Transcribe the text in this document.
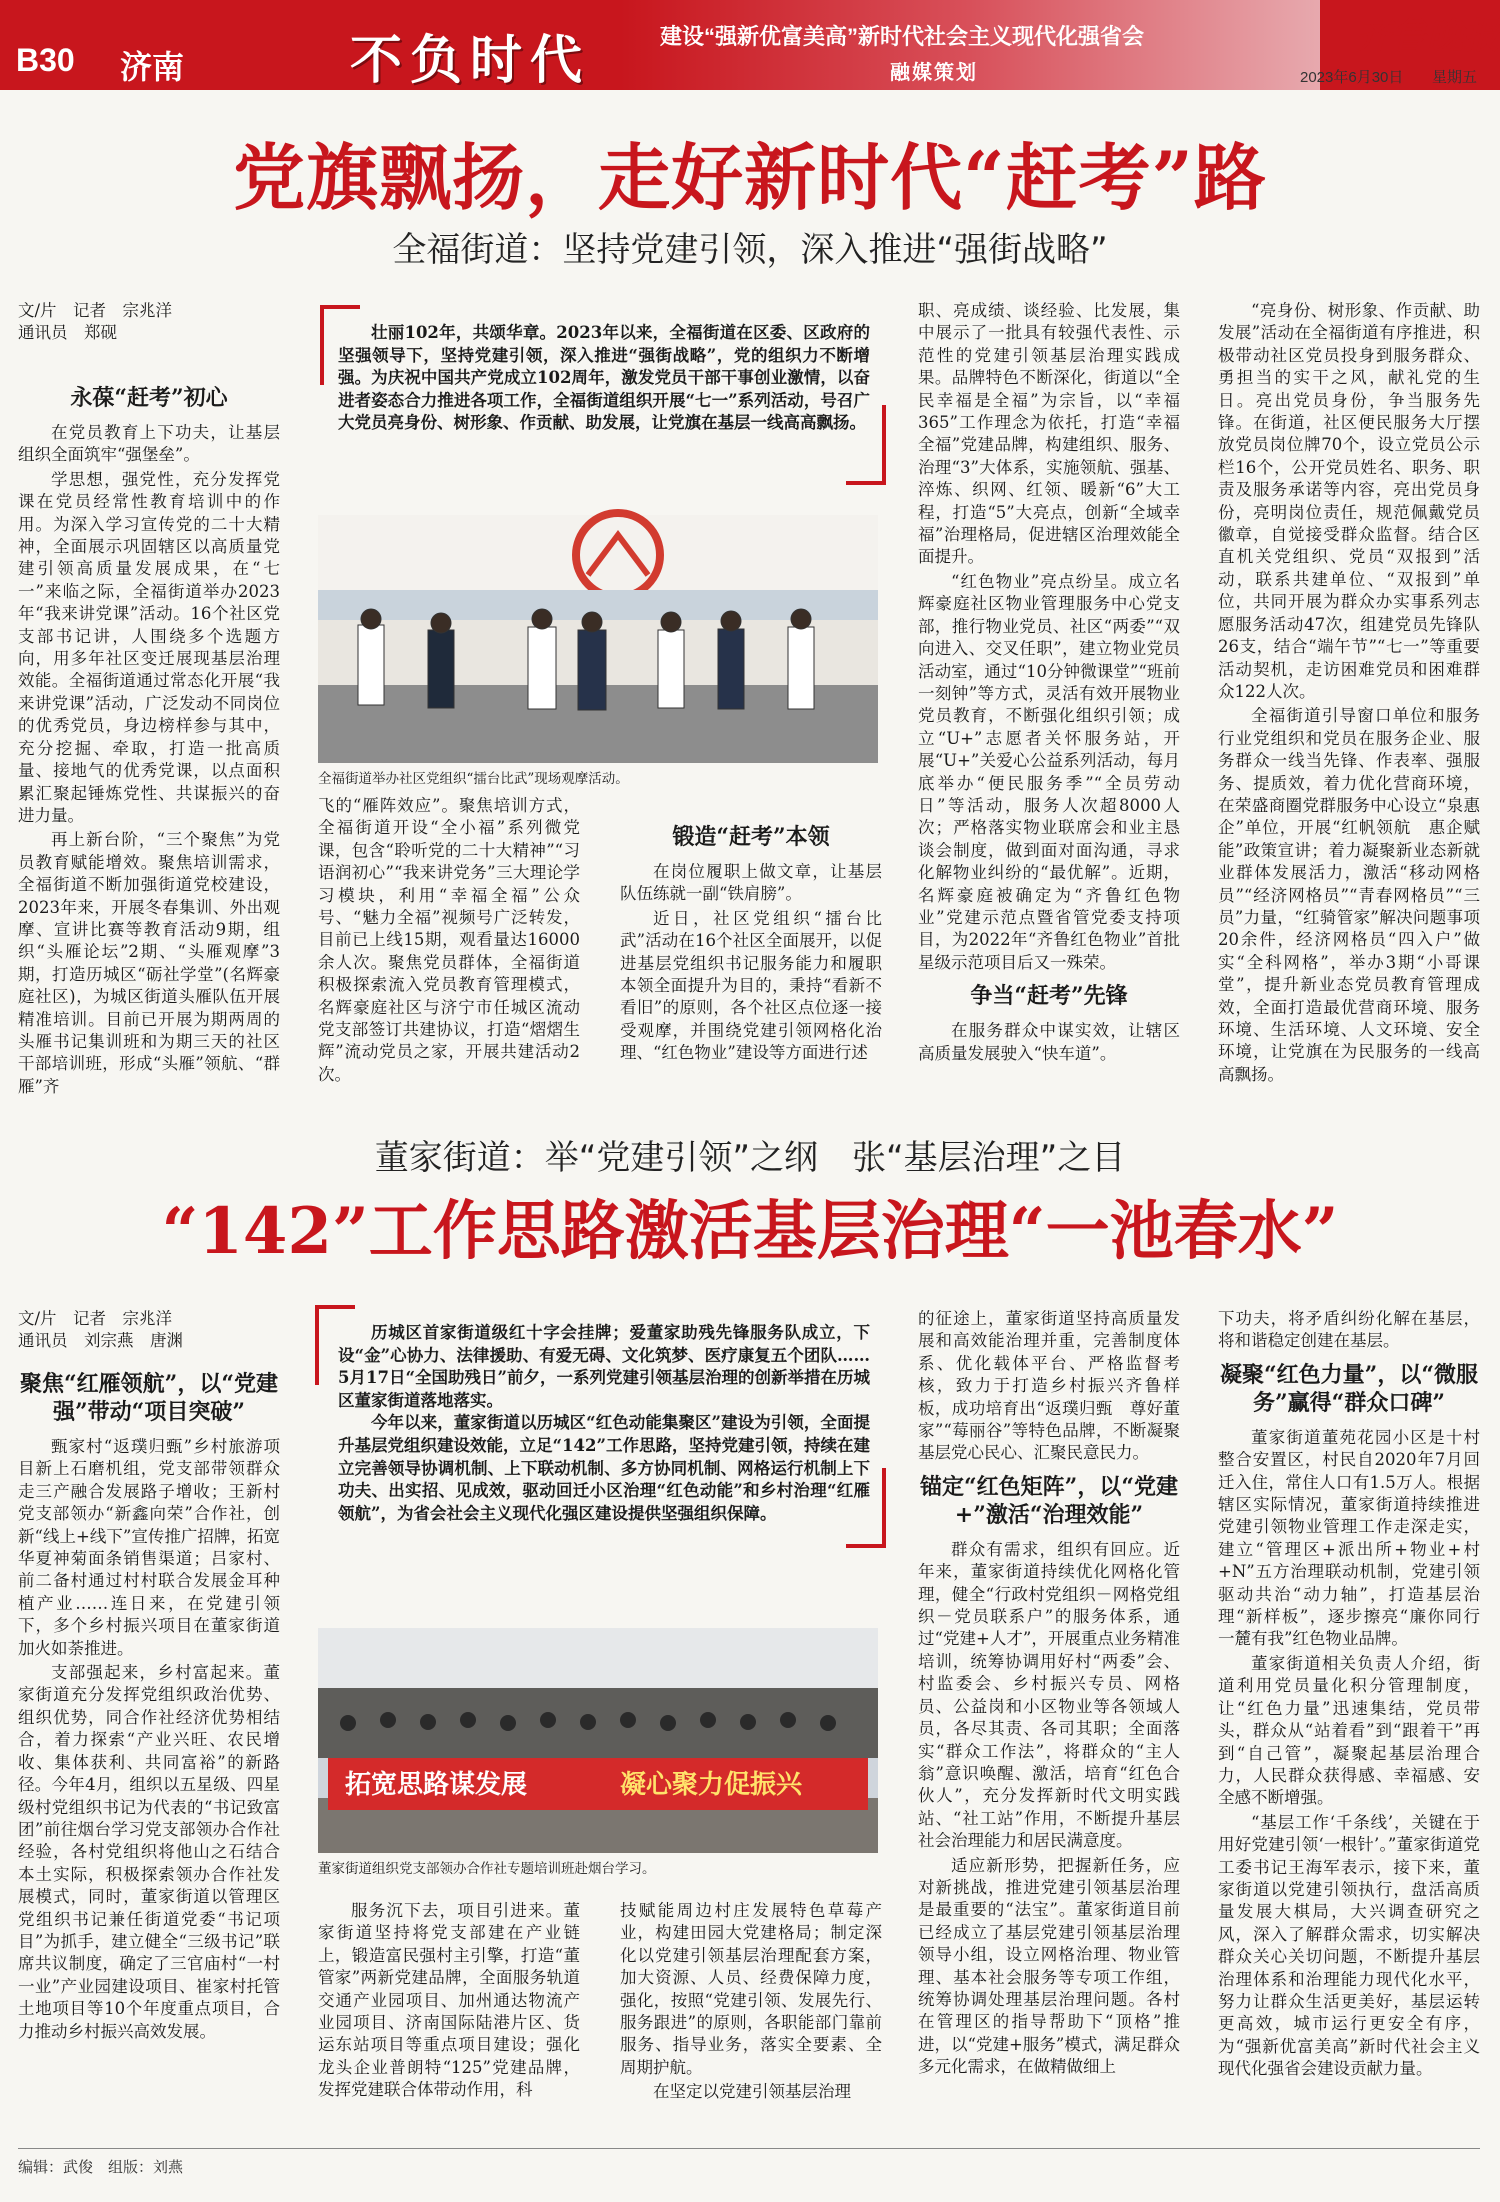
B30 济南	不负时代	建设“强新优富美高”新时代社会主义现代化强省会
融媒策划
齐鲁晚报
2023年6月30日 星期五
党旗飘扬，走好新时代“赶考”路
全福街道：坚持党建引领，深入推进“强街战略”
文/片　记者　宗兆洋
通讯员　郑砚
永葆“赶考”初心

在党员教育上下功夫，让基层组织全面筑牢“强堡垒”。

学思想，强党性，充分发挥党课在党员经常性教育培训中的作用。为深入学习宣传党的二十大精神，全面展示巩固辖区以高质量党建引领高质量发展成果，在“七一”来临之际，全福街道举办2023年“我来讲党课”活动。16个社区党支部书记讲，人围绕多个选题方向，用多年社区变迁展现基层治理效能。全福街道通过常态化开展“我来讲党课”活动，广泛发动不同岗位的优秀党员，身边榜样参与其中，充分挖掘、牵取，打造一批高质量、接地气的优秀党课，以点面积累汇聚起锤炼党性、共谋振兴的奋进力量。

再上新台阶，“三个聚焦”为党员教育赋能增效。聚焦培训需求，全福街道不断加强街道党校建设，2023年来，开展冬春集训、外出观摩、宣讲比赛等教育活动9期，组织“头雁论坛”2期、“头雁观摩”3期，打造历城区“砺社学堂”(名辉豪庭社区)，为城区街道头雁队伍开展精准培训。目前已开展为期两周的头雁书记集训班和为期三天的社区干部培训班，形成“头雁”领航、“群雁”齐

壮丽102年，共颂华章。2023年以来，全福街道在区委、区政府的坚强领导下，坚持党建引领，深入推进“强街战略”，党的组织力不断增强。为庆祝中国共产党成立102周年，激发党员干部干事创业激情，以奋进者姿态合力推进各项工作，全福街道组织开展“七一”系列活动，号召广大党员亮身份、树形象、作贡献、助发展，让党旗在基层一线高高飘扬。

全福街道举办社区党组织“擂台比武”现场观摩活动。

飞的“雁阵效应”。聚焦培训方式，全福街道开设“全小福”系列微党课，包含“聆听党的二十大精神”“习语润初心”“我来讲党务”三大理论学习模块，利用“幸福全福”公众号、“魅力全福”视频号广泛转发，目前已上线15期，观看量达16000余人次。聚焦党员群体，全福街道积极探索流入党员教育管理模式，名辉豪庭社区与济宁市任城区流动党支部签订共建协议，打造“熠熠生辉”流动党员之家，开展共建活动2次。

锻造“赶考”本领

在岗位履职上做文章，让基层队伍练就一副“铁肩膀”。

近日，社区党组织“擂台比武”活动在16个社区全面展开，以促进基层党组织书记服务能力和履职本领全面提升为目的，秉持“看新不看旧”的原则，各个社区点位逐一接受观摩，并围绕党建引领网格化治理、“红色物业”建设等方面进行述

职、亮成绩、谈经验、比发展，集中展示了一批具有较强代表性、示范性的党建引领基层治理实践成果。品牌特色不断深化，街道以“全民幸福是全福”为宗旨，以“幸福365”工作理念为依托，打造“幸福全福”党建品牌，构建组织、服务、治理“3”大体系，实施领航、强基、淬炼、织网、红领、暖新“6”大工程，打造“5”大亮点，创新“全域幸福”治理格局，促进辖区治理效能全面提升。

“红色物业”亮点纷呈。成立名辉豪庭社区物业管理服务中心党支部，推行物业党员、社区“两委”“双向进入、交叉任职”，建立物业党员活动室，通过“10分钟微课堂”“班前一刻钟”等方式，灵活有效开展物业党员教育，不断强化组织引领；成立“U+”志愿者关怀服务站，开展“U+”关爱心公益系列活动，每月底举办“便民服务季”“全员劳动日”等活动，服务人次超8000人次；严格落实物业联席会和业主恳谈会制度，做到面对面沟通，寻求化解物业纠纷的“最优解”。近期，名辉豪庭被确定为“齐鲁红色物业”党建示范点暨省管党委支持项目，为2022年“齐鲁红色物业”首批星级示范项目后又一殊荣。

争当“赶考”先锋

在服务群众中谋实效，让辖区高质量发展驶入“快车道”。

“亮身份、树形象、作贡献、助发展”活动在全福街道有序推进，积极带动社区党员投身到服务群众、勇担当的实干之风，献礼党的生日。亮出党员身份，争当服务先锋。在街道，社区便民服务大厅摆放党员岗位牌70个，设立党员公示栏16个，公开党员姓名、职务、职责及服务承诺等内容，亮出党员身份，亮明岗位责任，规范佩戴党员徽章，自觉接受群众监督。结合区直机关党组织、党员“双报到”活动，联系共建单位、“双报到”单位，共同开展为群众办实事系列志愿服务活动47次，组建党员先锋队26支，结合“端午节”“七一”等重要活动契机，走访困难党员和困难群众122人次。

全福街道引导窗口单位和服务行业党组织和党员在服务企业、服务群众一线当先锋、作表率、强服务、提质效，着力优化营商环境，在荣盛商圈党群服务中心设立“泉惠企”单位，开展“红帆领航　惠企赋能”政策宣讲；着力凝聚新业态新就业群体发展活力，激活“移动网格员”“经济网格员”“青春网格员”“三员”力量，“红骑管家”解决问题事项20余件，经济网格员“四入户”做实“全科网格”，举办3期“小哥课堂”，提升新业态党员教育管理成效，全面打造最优营商环境、服务环境、生活环境、人文环境、安全环境，让党旗在为民服务的一线高高飘扬。

董家街道：举“党建引领”之纲　张“基层治理”之目
“142”工作思路激活基层治理“一池春水”
文/片　记者　宗兆洋
通讯员　刘宗燕　唐渊
聚焦“红雁领航”，以“党建强”带动“项目突破”

甄家村“返璞归甄”乡村旅游项目新上石磨机组，党支部带领群众走三产融合发展路子增收；王新村党支部领办“新鑫向荣”合作社，创新“线上+线下”宣传推广招牌，拓宽华夏神菊面条销售渠道；吕家村、前二备村通过村村联合发展金耳种植产业……连日来，在党建引领下，多个乡村振兴项目在董家街道加火如荼推进。

支部强起来，乡村富起来。董家街道充分发挥党组织政治优势、组织优势，同合作社经济优势相结合，着力探索“产业兴旺、农民增收、集体获利、共同富裕”的新路径。今年4月，组织以五星级、四星级村党组织书记为代表的“书记致富团”前往烟台学习党支部领办合作社经验，各村党组织将他山之石结合本土实际，积极探索领办合作社发展模式，同时，董家街道以管理区党组织书记兼任街道党委“书记项目”为抓手，建立健全“三级书记”联席共议制度，确定了三官庙村“一村一业”产业园建设项目、崔家村托管土地项目等10个年度重点项目，合力推动乡村振兴高效发展。

历城区首家街道级红十字会挂牌；爱董家助残先锋服务队成立，下设“金”心协力、法律援助、有爱无碍、文化筑梦、医疗康复五个团队……5月17日“全国助残日”前夕，一系列党建引领基层治理的创新举措在历城区董家街道落地落实。

今年以来，董家街道以历城区“红色动能集聚区”建设为引领，全面提升基层党组织建设效能，立足“142”工作思路，坚持党建引领，持续在建立完善领导协调机制、上下联动机制、多方协同机制、网格运行机制上下功夫、出实招、见成效，驱动回迁小区治理“红色动能”和乡村治理“红雁领航”，为省会社会主义现代化强区建设提供坚强组织保障。

拓宽思路谋发展	凝心聚力促振兴
董家街道组织党支部领办合作社专题培训班赴烟台学习。

服务沉下去，项目引进来。董家街道坚持将党支部建在产业链上，锻造富民强村主引擎，打造“董管家”两新党建品牌，全面服务轨道交通产业园项目、加州通达物流产业园项目、济南国际陆港片区、货运东站项目等重点项目建设；强化龙头企业普朗特“125”党建品牌，发挥党建联合体带动作用，科

技赋能周边村庄发展特色草莓产业，构建田园大党建格局；制定深化以党建引领基层治理配套方案，加大资源、人员、经费保障力度，强化，按照“党建引领、发展先行、服务跟进”的原则，各职能部门靠前服务、指导业务，落实全要素、全周期护航。

在坚定以党建引领基层治理

的征途上，董家街道坚持高质量发展和高效能治理并重，完善制度体系、优化载体平台、严格监督考核，致力于打造乡村振兴齐鲁样板，成功培育出“返璞归甄　尊好董家”“莓丽谷”等特色品牌，不断凝聚基层党心民心、汇聚民意民力。

锚定“红色矩阵”，以“党建+”激活“治理效能”

群众有需求，组织有回应。近年来，董家街道持续优化网格化管理，健全“行政村党组织－网格党组织－党员联系户”的服务体系，通过“党建+人才”，开展重点业务精准培训，统筹协调用好村“两委”会、村监委会、乡村振兴专员、网格员、公益岗和小区物业等各领域人员，各尽其责、各司其职；全面落实“群众工作法”，将群众的“主人翁”意识唤醒、激活，培育“红色合伙人”，充分发挥新时代文明实践站、“社工站”作用，不断提升基层社会治理能力和居民满意度。

适应新形势，把握新任务，应对新挑战，推进党建引领基层治理是最重要的“法宝”。董家街道目前已经成立了基层党建引领基层治理领导小组，设立网格治理、物业管理、基本社会服务等专项工作组，统筹协调处理基层治理问题。各村在管理区的指导帮助下“顶格”推进，以“党建+服务”模式，满足群众多元化需求，在做精做细上

下功夫，将矛盾纠纷化解在基层，将和谐稳定创建在基层。

凝聚“红色力量”，以“微服务”赢得“群众口碑”

董家街道董苑花园小区是十村整合安置区，村民自2020年7月回迁入住，常住人口有1.5万人。根据辖区实际情况，董家街道持续推进党建引领物业管理工作走深走实，建立“管理区+派出所+物业+村+N”五方治理联动机制，党建引领驱动共治“动力轴”，打造基层治理“新样板”，逐步擦亮“廉你同行　一麓有我”红色物业品牌。

董家街道相关负责人介绍，街道利用党员量化积分管理制度，让“红色力量”迅速集结，党员带头，群众从“站着看”到“跟着干”再到“自己管”，凝聚起基层治理合力，人民群众获得感、幸福感、安全感不断增强。

“基层工作‘千条线’，关键在于用好党建引领‘一根针’。”董家街道党工委书记王海军表示，接下来，董家街道以党建引领执行，盘活高质量发展大棋局，大兴调查研究之风，深入了解群众需求，切实解决群众关心关切问题，不断提升基层治理体系和治理能力现代化水平，努力让群众生活更美好，基层运转更高效，城市运行更安全有序，为“强新优富美高”新时代社会主义现代化强省会建设贡献力量。

编辑：武俊　组版：刘燕
